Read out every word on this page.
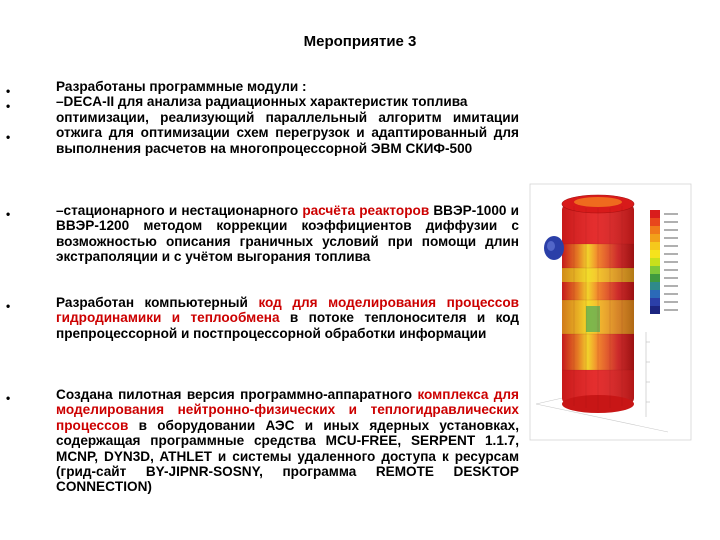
Мероприятие 3
•
•
•
•
•
•
Разработаны программные модули :
–DECA-II для анализа радиационных характеристик топлива
оптимизации, реализующий параллельный алгоритм имитации отжига для оптимизации схем перегрузок и адаптированный для выполнения расчетов на многопроцессорной ЭВМ СКИФ-500
–стационарного и нестационарного расчёта реакторов ВВЭР-1000 и ВВЭР-1200 методом коррекции коэффициентов диффузии с возможностью описания граничных условий при помощи длин экстраполяции и с учётом выгорания топлива
Разработан компьютерный код для моделирования процессов гидродинамики и теплообмена в потоке теплоносителя и код препроцессорной и постпроцессорной обработки информации
Создана пилотная версия программно-аппаратного комплекса для моделирования нейтронно-физических и теплогидравлических процессов в оборудовании АЭС и иных ядерных установках, содержащая программные средства MCU-FREE, SERPENT 1.1.7, MCNP, DYN3D, ATHLET и системы удаленного доступа к ресурсам (грид-сайт BY-JIPNR-SOSNY, программа REMOTE DESKTOP CONNECTION)
